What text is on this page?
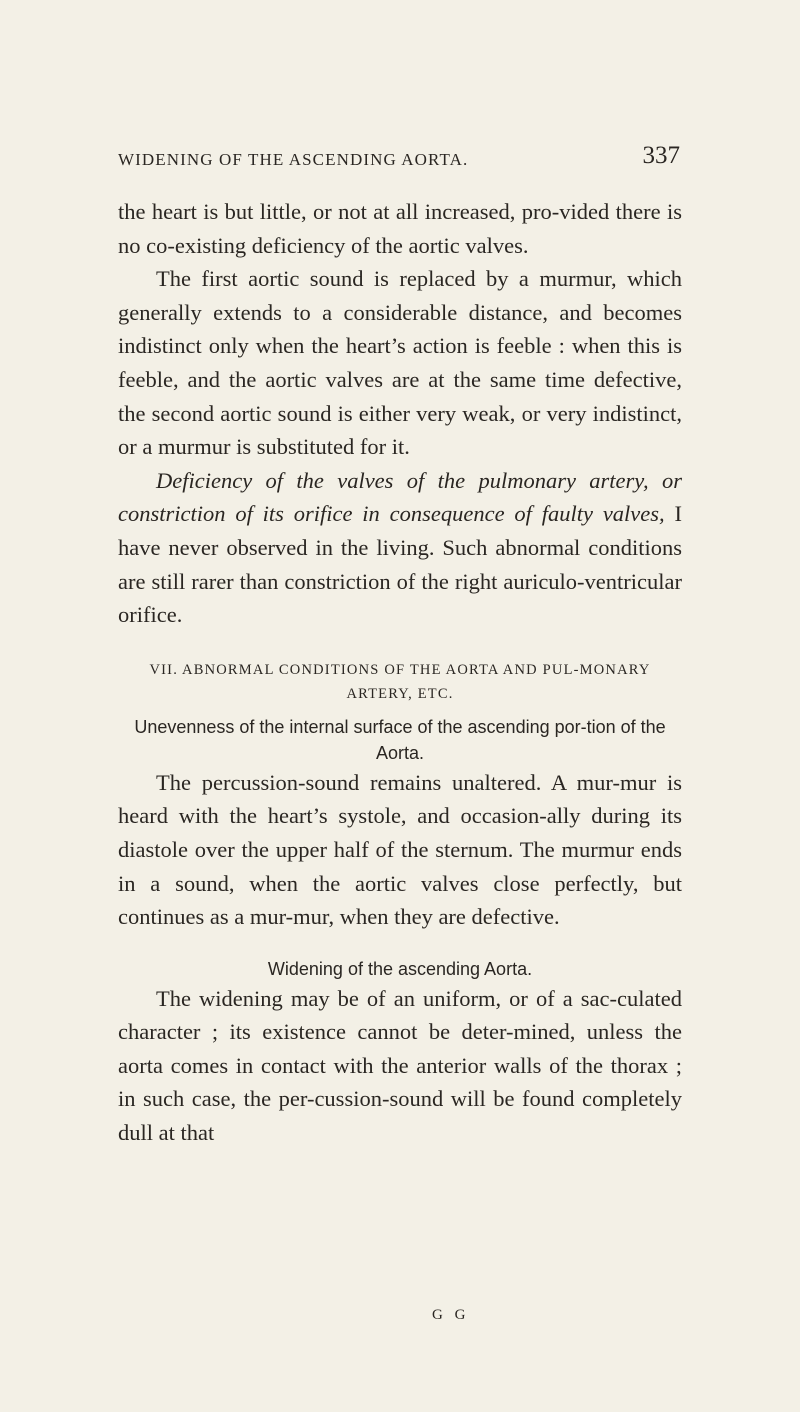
WIDENING OF THE ASCENDING AORTA.	337

the heart is but little, or not at all increased, pro-vided there is no co-existing deficiency of the aortic valves.

The first aortic sound is replaced by a murmur, which generally extends to a considerable distance, and becomes indistinct only when the heart’s action is feeble : when this is feeble, and the aortic valves are at the same time defective, the second aortic sound is either very weak, or very indistinct, or a murmur is substituted for it.

Deficiency of the valves of the pulmonary artery, or constriction of its orifice in consequence of faulty valves, I have never observed in the living. Such abnormal conditions are still rarer than constriction of the right auriculo-ventricular orifice.

VII. ABNORMAL CONDITIONS OF THE AORTA AND PUL-MONARY ARTERY, ETC.
Unevenness of the internal surface of the ascending por-tion of the Aorta.

The percussion-sound remains unaltered. A mur-mur is heard with the heart’s systole, and occasion-ally during its diastole over the upper half of the sternum. The murmur ends in a sound, when the aortic valves close perfectly, but continues as a mur-mur, when they are defective.

Widening of the ascending Aorta.

The widening may be of an uniform, or of a sac-culated character ; its existence cannot be deter-mined, unless the aorta comes in contact with the anterior walls of the thorax ; in such case, the per-cussion-sound will be found completely dull at that

G G
